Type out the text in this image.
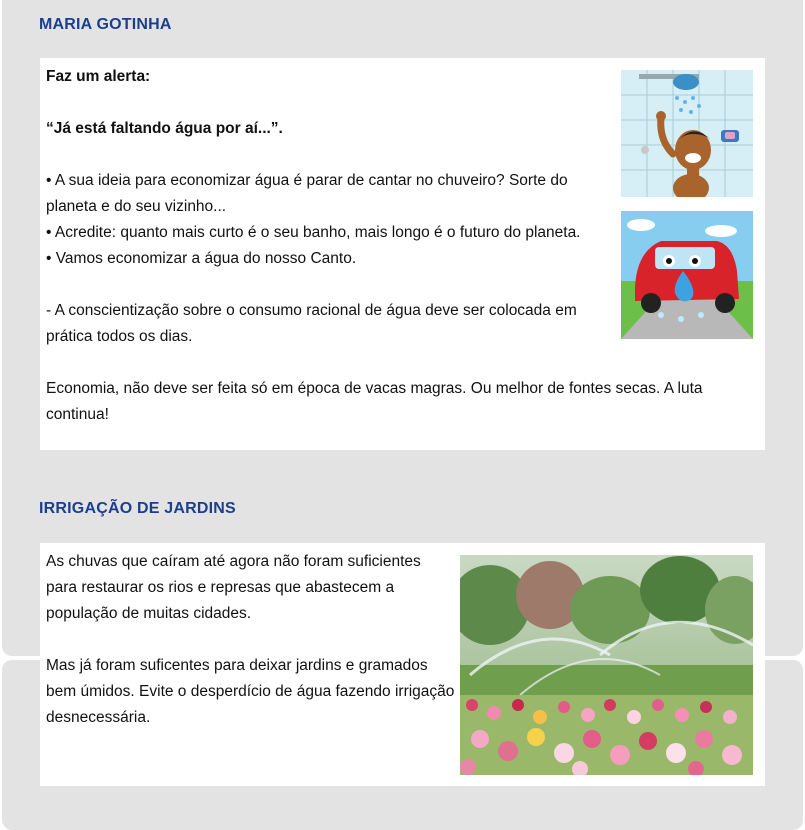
MARIA GOTINHA

Faz um alerta:

“Já está faltando água por aí...”.

• A sua ideia para economizar água é parar de cantar no chuveiro? Sorte do planeta e do seu vizinho...

• Acredite: quanto mais curto é o seu banho, mais longo é o futuro do planeta.

• Vamos economizar a água do nosso Canto.

- A conscientização sobre o consumo racional de água deve ser colocada em prática todos os dias.

Economia, não deve ser feita só em época de vacas magras. Ou melhor de fontes secas. A luta continua!

IRRIGAÇÃO DE JARDINS

As chuvas que caíram até agora não foram suficientes para restaurar os rios e represas que abastecem a população de muitas cidades.

Mas já foram suficentes para deixar jardins e gramados bem úmidos. Evite o desperdício de água fazendo irrigação desnecessária.
